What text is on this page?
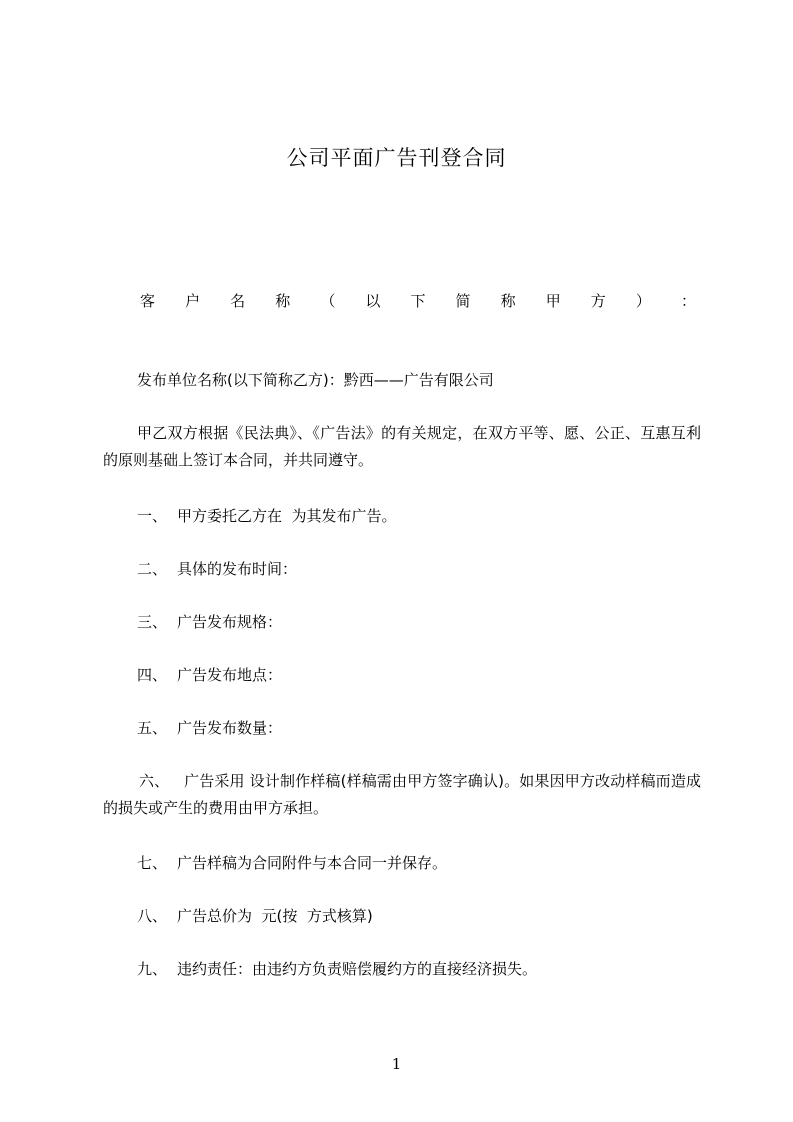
公司平面广告刊登合同
客 户 名 称 （ 以 下 简 称 甲 方 ） ：
发布单位名称(以下简称乙方)：黔西——广告有限公司
甲乙双方根据《民法典》、《广告法》的有关规定，在双方平等、愿、公正、互惠互利的原则基础上签订本合同，并共同遵守。
一、 甲方委托乙方在  为其发布广告。
二、 具体的发布时间：
三、 广告发布规格：
四、 广告发布地点：
五、 广告发布数量：
六、 广告采用 设计制作样稿(样稿需由甲方签字确认)。如果因甲方改动样稿而造成的损失或产生的费用由甲方承担。
七、 广告样稿为合同附件与本合同一并保存。
八、 广告总价为  元(按  方式核算)
九、 违约责任：由违约方负责赔偿履约方的直接经济损失。
1
